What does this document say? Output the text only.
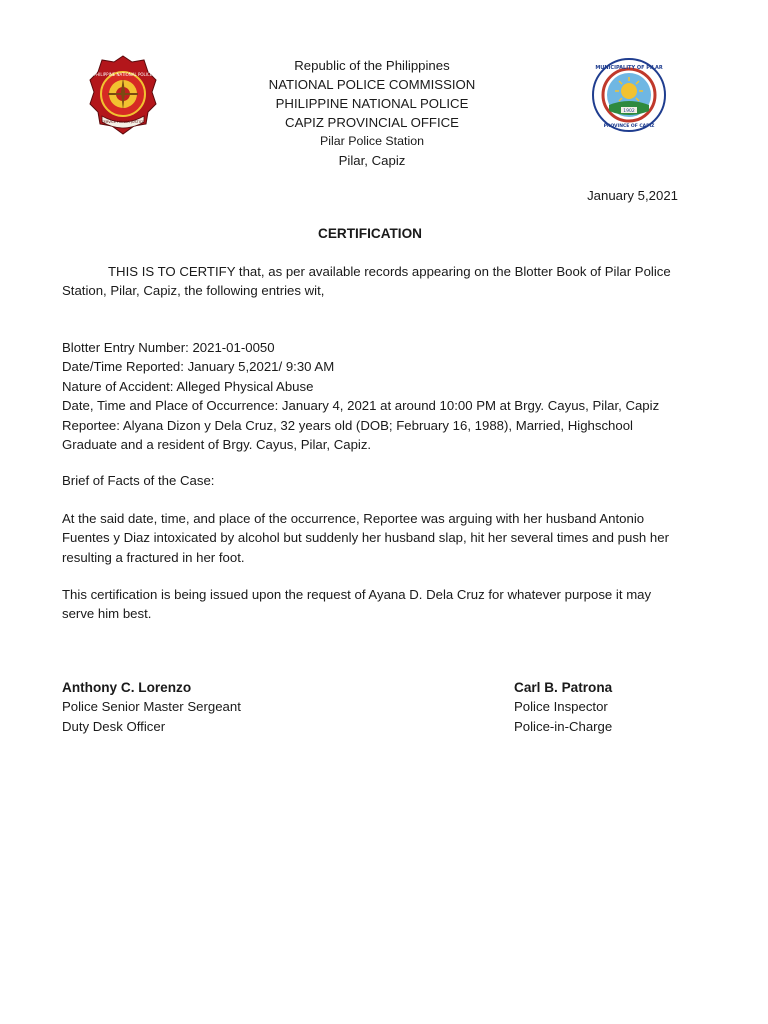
PHILIPPINE NATIONAL POLICE
SERVICE HONOR JUSTICE
1902
MUNICIPALITY OF PILAR
PROVINCE OF CAPIZ
Republic of the Philippines
NATIONAL POLICE COMMISSION
PHILIPPINE NATIONAL POLICE
CAPIZ PROVINCIAL OFFICE
Pilar Police Station
Pilar, Capiz
January 5,2021
CERTIFICATION
THIS IS TO CERTIFY that, as per available records appearing on the Blotter Book of Pilar Police Station, Pilar, Capiz, the following entries wit,
Blotter Entry Number: 2021-01-0050
Date/Time Reported: January 5,2021/ 9:30 AM
Nature of Accident: Alleged Physical Abuse
Date, Time and Place of Occurrence: January 4, 2021 at around 10:00 PM at Brgy. Cayus, Pilar, Capiz
Reportee: Alyana Dizon y Dela Cruz, 32 years old (DOB; February 16, 1988), Married, Highschool Graduate and a resident of Brgy. Cayus, Pilar, Capiz.
Brief of Facts of the Case:
At the said date, time, and place of the occurrence, Reportee was arguing with her husband Antonio Fuentes y Diaz intoxicated by alcohol but suddenly her husband slap, hit her several times and push her resulting a fractured in her foot.
This certification is being issued upon the request of Ayana D. Dela Cruz for whatever purpose it may serve him best.
Anthony C. Lorenzo
Police Senior Master Sergeant
Duty Desk Officer
Carl B. Patrona
Police Inspector
Police-in-Charge
